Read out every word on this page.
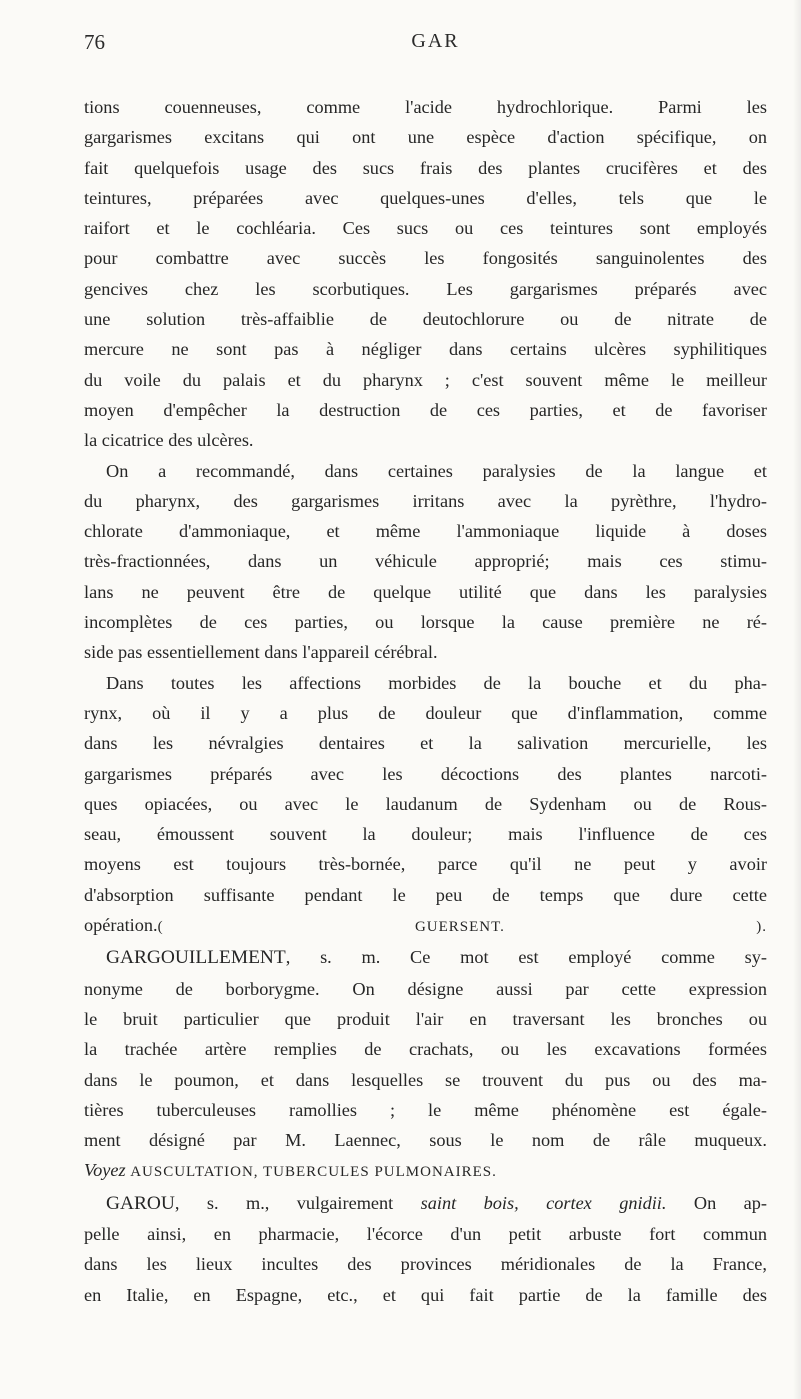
76	GAR
tions couenneuses, comme l'acide hydrochlorique. Parmi les
gargarismes excitans qui ont une espèce d'action spécifique, on
fait quelquefois usage des sucs frais des plantes crucifères et des
teintures, préparées avec quelques-unes d'elles, tels que le
raifort et le cochléaria. Ces sucs ou ces teintures sont employés
pour combattre avec succès les fongosités sanguinolentes des
gencives chez les scorbutiques. Les gargarismes préparés avec
une solution très-affaiblie de deutochlorure ou de nitrate de
mercure ne sont pas à négliger dans certains ulcères syphilitiques
du voile du palais et du pharynx ; c'est souvent même le meilleur
moyen d'empêcher la destruction de ces parties, et de favoriser
la cicatrice des ulcères.
On a recommandé, dans certaines paralysies de la langue et
du pharynx, des gargarismes irritans avec la pyrèthre, l'hydro-
chlorate d'ammoniaque, et même l'ammoniaque liquide à doses
très-fractionnées, dans un véhicule approprié; mais ces stimu-
lans ne peuvent être de quelque utilité que dans les paralysies
incomplètes de ces parties, ou lorsque la cause première ne ré-
side pas essentiellement dans l'appareil cérébral.
Dans toutes les affections morbides de la bouche et du pha-
rynx, où il y a plus de douleur que d'inflammation, comme
dans les névralgies dentaires et la salivation mercurielle, les
gargarismes préparés avec les décoctions des plantes narcoti-
ques opiacées, ou avec le laudanum de Sydenham ou de Rous-
seau, émoussent souvent la douleur; mais l'influence de ces
moyens est toujours très-bornée, parce qu'il ne peut y avoir
d'absorption suffisante pendant le peu de temps que dure cette
opération.( GUERSENT. ).
GARGOUILLEMENT, s. m. Ce mot est employé comme sy-
nonyme de borborygme. On désigne aussi par cette expression
le bruit particulier que produit l'air en traversant les bronches ou
la trachée artère remplies de crachats, ou les excavations formées
dans le poumon, et dans lesquelles se trouvent du pus ou des ma-
tières tuberculeuses ramollies ; le même phénomène est égale-
ment désigné par M. Laennec, sous le nom de râle muqueux.
Voyez AUSCULTATION, TUBERCULES PULMONAIRES.
GAROU, s. m., vulgairement saint bois, cortex gnidii. On ap-
pelle ainsi, en pharmacie, l'écorce d'un petit arbuste fort commun
dans les lieux incultes des provinces méridionales de la France,
en Italie, en Espagne, etc., et qui fait partie de la famille des
